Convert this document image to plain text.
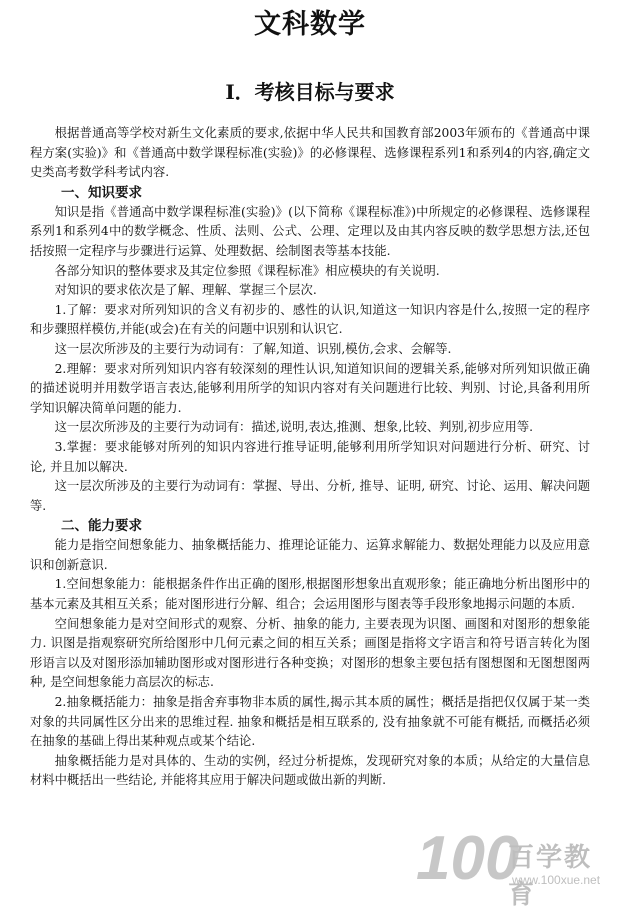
文科数学
Ⅰ．考核目标与要求

根据普通高等学校对新生文化素质的要求,依据中华人民共和国教育部2003年颁布的《普通高中课程方案(实验)》和《普通高中数学课程标准(实验)》的必修课程、选修课程系列1和系列4的内容,确定文史类高考数学科考试内容.

一、知识要求

知识是指《普通高中数学课程标准(实验)》(以下简称《课程标准》)中所规定的必修课程、选修课程系列1和系列4中的数学概念、性质、法则、公式、公理、定理以及由其内容反映的数学思想方法,还包括按照一定程序与步骤进行运算、处理数据、绘制图表等基本技能.

各部分知识的整体要求及其定位参照《课程标准》相应模块的有关说明.

对知识的要求依次是了解、理解、掌握三个层次.

1.了解：要求对所列知识的含义有初步的、感性的认识,知道这一知识内容是什么,按照一定的程序和步骤照样模仿,并能(或会)在有关的问题中识别和认识它.

这一层次所涉及的主要行为动词有：了解,知道、识别,模仿,会求、会解等.

2.理解：要求对所列知识内容有较深刻的理性认识,知道知识间的逻辑关系,能够对所列知识做正确的描述说明并用数学语言表达,能够利用所学的知识内容对有关问题进行比较、判别、讨论,具备利用所学知识解决简单问题的能力.

这一层次所涉及的主要行为动词有：描述,说明,表达,推测、想象,比较、判别,初步应用等.

3.掌握：要求能够对所列的知识内容进行推导证明,能够利用所学知识对问题进行分析、研究、讨论, 并且加以解决.

这一层次所涉及的主要行为动词有：掌握、导出、分析, 推导、证明, 研究、讨论、运用、解决问题等.

二、能力要求

能力是指空间想象能力、抽象概括能力、推理论证能力、运算求解能力、数据处理能力以及应用意识和创新意识.

1.空间想象能力：能根据条件作出正确的图形,根据图形想象出直观形象；能正确地分析出图形中的基本元素及其相互关系；能对图形进行分解、组合；会运用图形与图表等手段形象地揭示问题的本质.

空间想象能力是对空间形式的观察、分析、抽象的能力, 主要表现为识图、画图和对图形的想象能力. 识图是指观察研究所给图形中几何元素之间的相互关系；画图是指将文字语言和符号语言转化为图形语言以及对图形添加辅助图形或对图形进行各种变换；对图形的想象主要包括有图想图和无图想图两种, 是空间想象能力高层次的标志.

2.抽象概括能力：抽象是指舍弃事物非本质的属性,揭示其本质的属性；概括是指把仅仅属于某一类对象的共同属性区分出来的思维过程. 抽象和概括是相互联系的, 没有抽象就不可能有概括, 而概括必须在抽象的基础上得出某种观点或某个结论.

抽象概括能力是对具体的、生动的实例，经过分析提炼，发现研究对象的本质；从给定的大量信息材料中概括出一些结论, 并能将其应用于解决问题或做出新的判断.

100
百学教育
www.100xue.net
